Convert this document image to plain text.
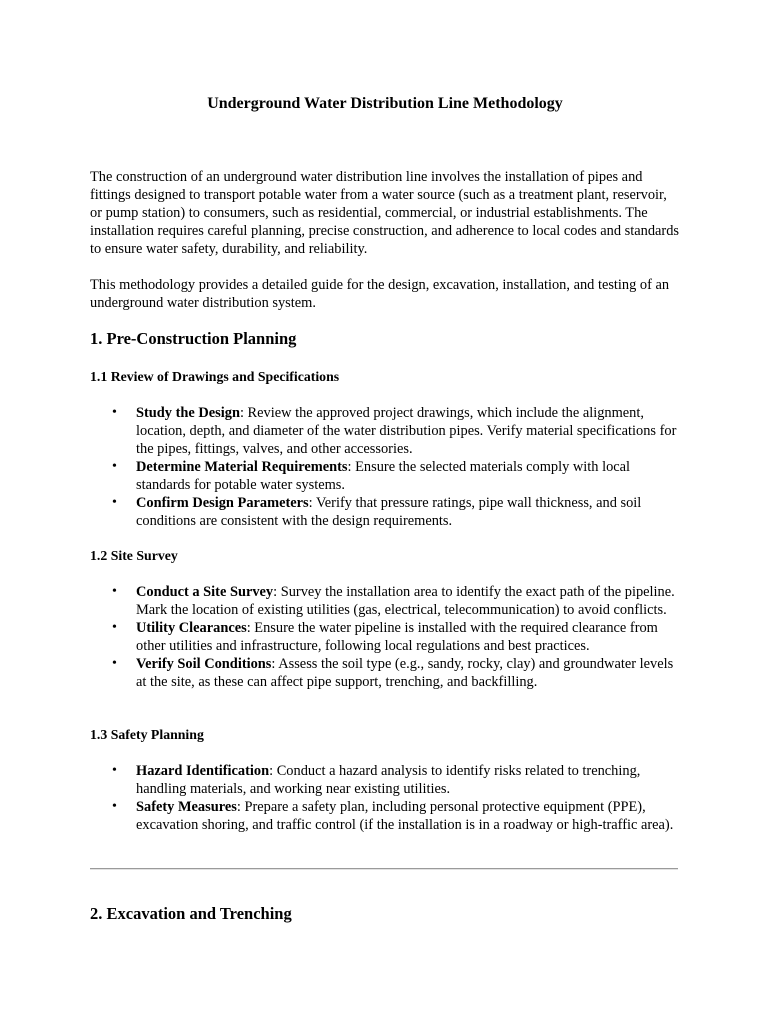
Underground Water Distribution Line Methodology

The construction of an underground water distribution line involves the installation of pipes and fittings designed to transport potable water from a water source (such as a treatment plant, reservoir, or pump station) to consumers, such as residential, commercial, or industrial establishments. The installation requires careful planning, precise construction, and adherence to local codes and standards to ensure water safety, durability, and reliability.

This methodology provides a detailed guide for the design, excavation, installation, and testing of an underground water distribution system.

1. Pre-Construction Planning
1.1 Review of Drawings and Specifications
• Study the Design: Review the approved project drawings, which include the alignment, location, depth, and diameter of the water distribution pipes. Verify material specifications for the pipes, fittings, valves, and other accessories.
• Determine Material Requirements: Ensure the selected materials comply with local standards for potable water systems.
• Confirm Design Parameters: Verify that pressure ratings, pipe wall thickness, and soil conditions are consistent with the design requirements.
1.2 Site Survey
• Conduct a Site Survey: Survey the installation area to identify the exact path of the pipeline. Mark the location of existing utilities (gas, electrical, telecommunication) to avoid conflicts.
• Utility Clearances: Ensure the water pipeline is installed with the required clearance from other utilities and infrastructure, following local regulations and best practices.
• Verify Soil Conditions: Assess the soil type (e.g., sandy, rocky, clay) and groundwater levels at the site, as these can affect pipe support, trenching, and backfilling.
1.3 Safety Planning
• Hazard Identification: Conduct a hazard analysis to identify risks related to trenching, handling materials, and working near existing utilities.
• Safety Measures: Prepare a safety plan, including personal protective equipment (PPE), excavation shoring, and traffic control (if the installation is in a roadway or high-traffic area).
2. Excavation and Trenching
